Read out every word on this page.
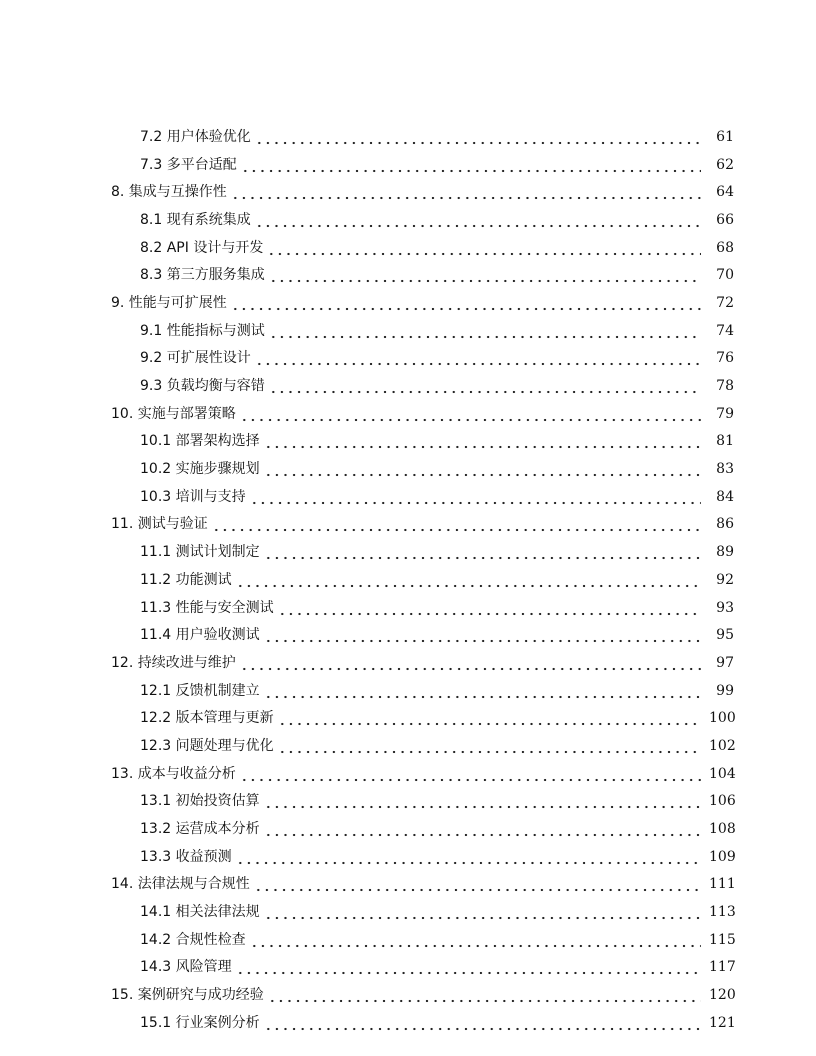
7.2 用户体验优化	61
7.3 多平台适配	62
8. 集成与互操作性	64
8.1 现有系统集成	66
8.2 API 设计与开发	68
8.3 第三方服务集成	70
9. 性能与可扩展性	72
9.1 性能指标与测试	74
9.2 可扩展性设计	76
9.3 负载均衡与容错	78
10. 实施与部署策略	79
10.1 部署架构选择	81
10.2 实施步骤规划	83
10.3 培训与支持	84
11. 测试与验证	86
11.1 测试计划制定	89
11.2 功能测试	92
11.3 性能与安全测试	93
11.4 用户验收测试	95
12. 持续改进与维护	97
12.1 反馈机制建立	99
12.2 版本管理与更新	100
12.3 问题处理与优化	102
13. 成本与收益分析	104
13.1 初始投资估算	106
13.2 运营成本分析	108
13.3 收益预测	109
14. 法律法规与合规性	111
14.1 相关法律法规	113
14.2 合规性检查	115
14.3 风险管理	117
15. 案例研究与成功经验	120
15.1 行业案例分析	121
